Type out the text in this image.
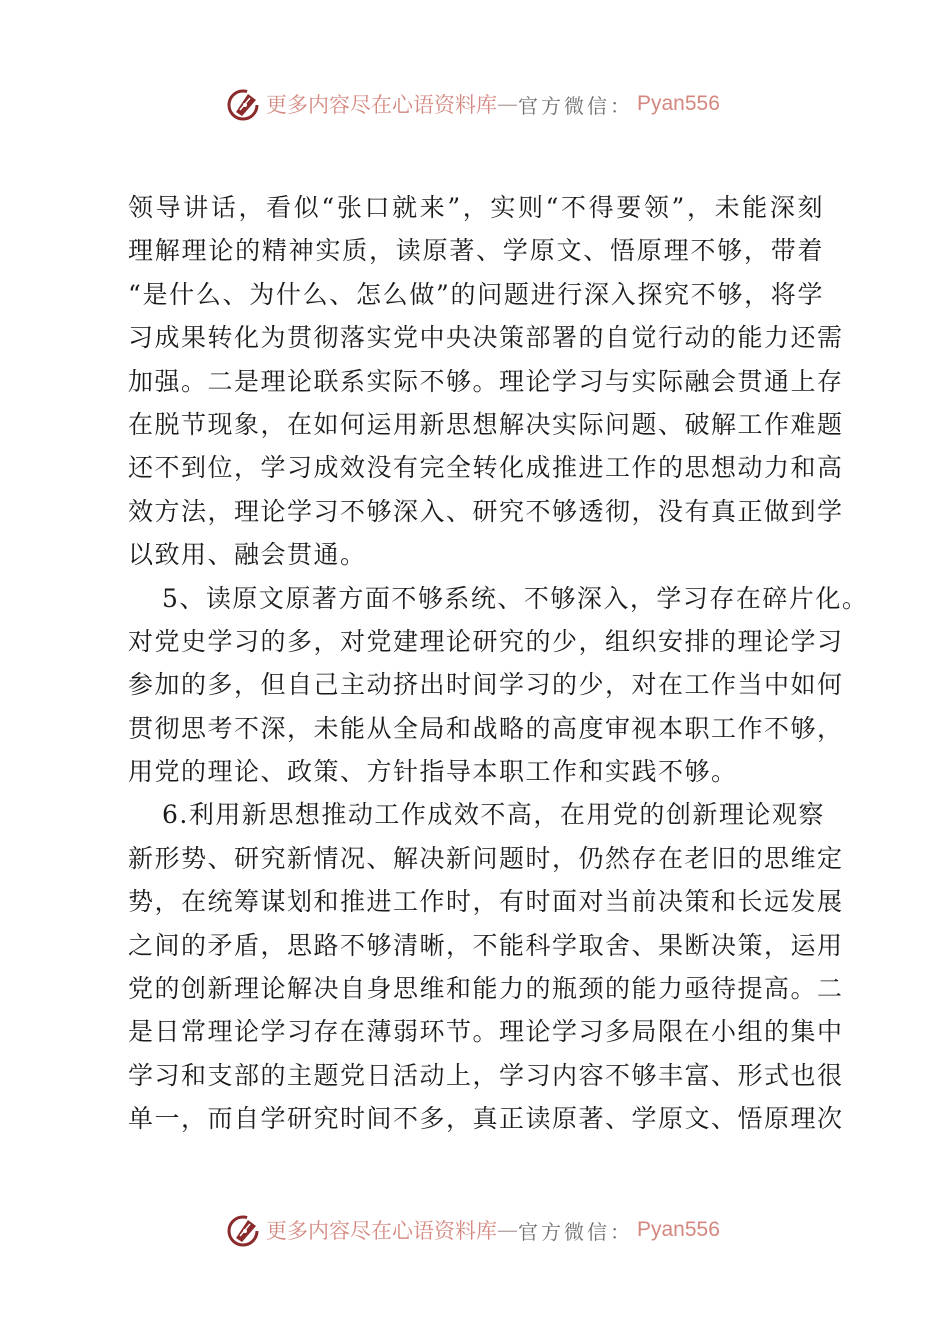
更多内容尽在心语资料库 — 官方微信： Pyan556
领导讲话，看似“张口就来”，实则“不得要领”，未能深刻
理解理论的精神实质，读原著、学原文、悟原理不够，带着
“是什么、为什么、怎么做”的问题进行深入探究不够，将学
习成果转化为贯彻落实党中央决策部署的自觉行动的能力还需
加强。二是理论联系实际不够。理论学习与实际融会贯通上存
在脱节现象，在如何运用新思想解决实际问题、破解工作难题
还不到位，学习成效没有完全转化成推进工作的思想动力和高
效方法，理论学习不够深入、研究不够透彻，没有真正做到学
以致用、融会贯通。
5、读原文原著方面不够系统、不够深入，学习存在碎片化。
对党史学习的多，对党建理论研究的少，组织安排的理论学习
参加的多，但自己主动挤出时间学习的少，对在工作当中如何
贯彻思考不深，未能从全局和战略的高度审视本职工作不够，
用党的理论、政策、方针指导本职工作和实践不够。
6.利用新思想推动工作成效不高，在用党的创新理论观察
新形势、研究新情况、解决新问题时，仍然存在老旧的思维定
势，在统筹谋划和推进工作时，有时面对当前决策和长远发展
之间的矛盾，思路不够清晰，不能科学取舍、果断决策，运用
党的创新理论解决自身思维和能力的瓶颈的能力亟待提高。二
是日常理论学习存在薄弱环节。理论学习多局限在小组的集中
学习和支部的主题党日活动上，学习内容不够丰富、形式也很
单一，而自学研究时间不多，真正读原著、学原文、悟原理次
更多内容尽在心语资料库 — 官方微信： Pyan556
